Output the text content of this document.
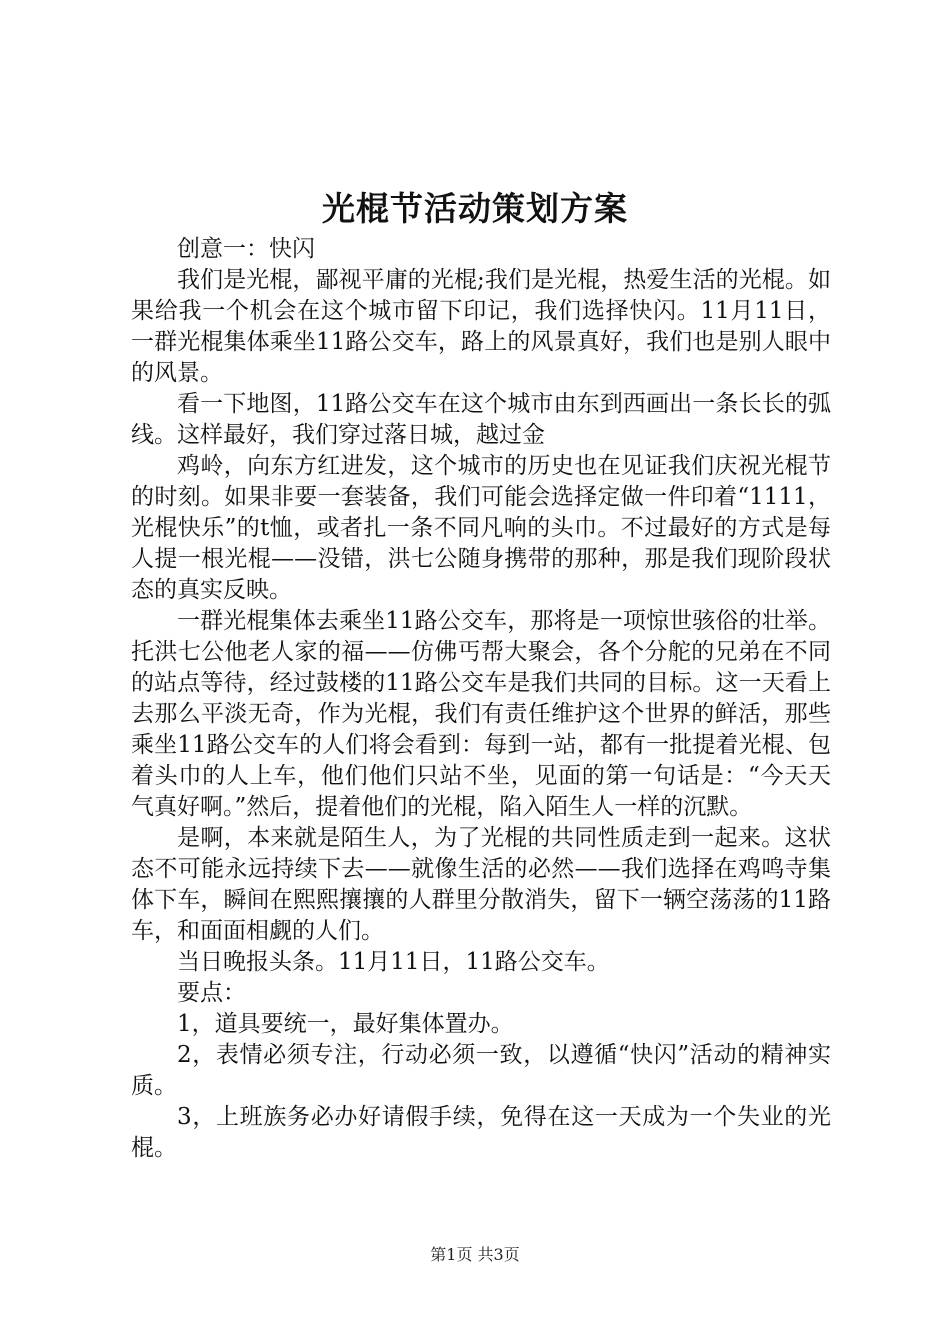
光棍节活动策划方案

创意一：快闪

我们是光棍，鄙视平庸的光棍;我们是光棍，热爱生活的光棍。如果给我一个机会在这个城市留下印记，我们选择快闪。11月11日，一群光棍集体乘坐11路公交车，路上的风景真好，我们也是别人眼中的风景。

看一下地图，11路公交车在这个城市由东到西画出一条长长的弧线。这样最好，我们穿过落日城，越过金

鸡岭，向东方红进发，这个城市的历史也在见证我们庆祝光棍节的时刻。如果非要一套装备，我们可能会选择定做一件印着“1111，光棍快乐”的t恤，或者扎一条不同凡响的头巾。不过最好的方式是每人提一根光棍——没错，洪七公随身携带的那种，那是我们现阶段状态的真实反映。

一群光棍集体去乘坐11路公交车，那将是一项惊世骇俗的壮举。托洪七公他老人家的福——仿佛丐帮大聚会，各个分舵的兄弟在不同的站点等待，经过鼓楼的11路公交车是我们共同的目标。这一天看上去那么平淡无奇，作为光棍，我们有责任维护这个世界的鲜活，那些乘坐11路公交车的人们将会看到：每到一站，都有一批提着光棍、包着头巾的人上车，他们他们只站不坐，见面的第一句话是：“今天天气真好啊。”然后，提着他们的光棍，陷入陌生人一样的沉默。

是啊，本来就是陌生人，为了光棍的共同性质走到一起来。这状态不可能永远持续下去——就像生活的必然——我们选择在鸡鸣寺集体下车，瞬间在熙熙攘攘的人群里分散消失，留下一辆空荡荡的11路车，和面面相觑的人们。

当日晚报头条。11月11日，11路公交车。

要点：

1，道具要统一，最好集体置办。

2，表情必须专注，行动必须一致，以遵循“快闪”活动的精神实质。

3，上班族务必办好请假手续，免得在这一天成为一个失业的光棍。

第1页 共3页
